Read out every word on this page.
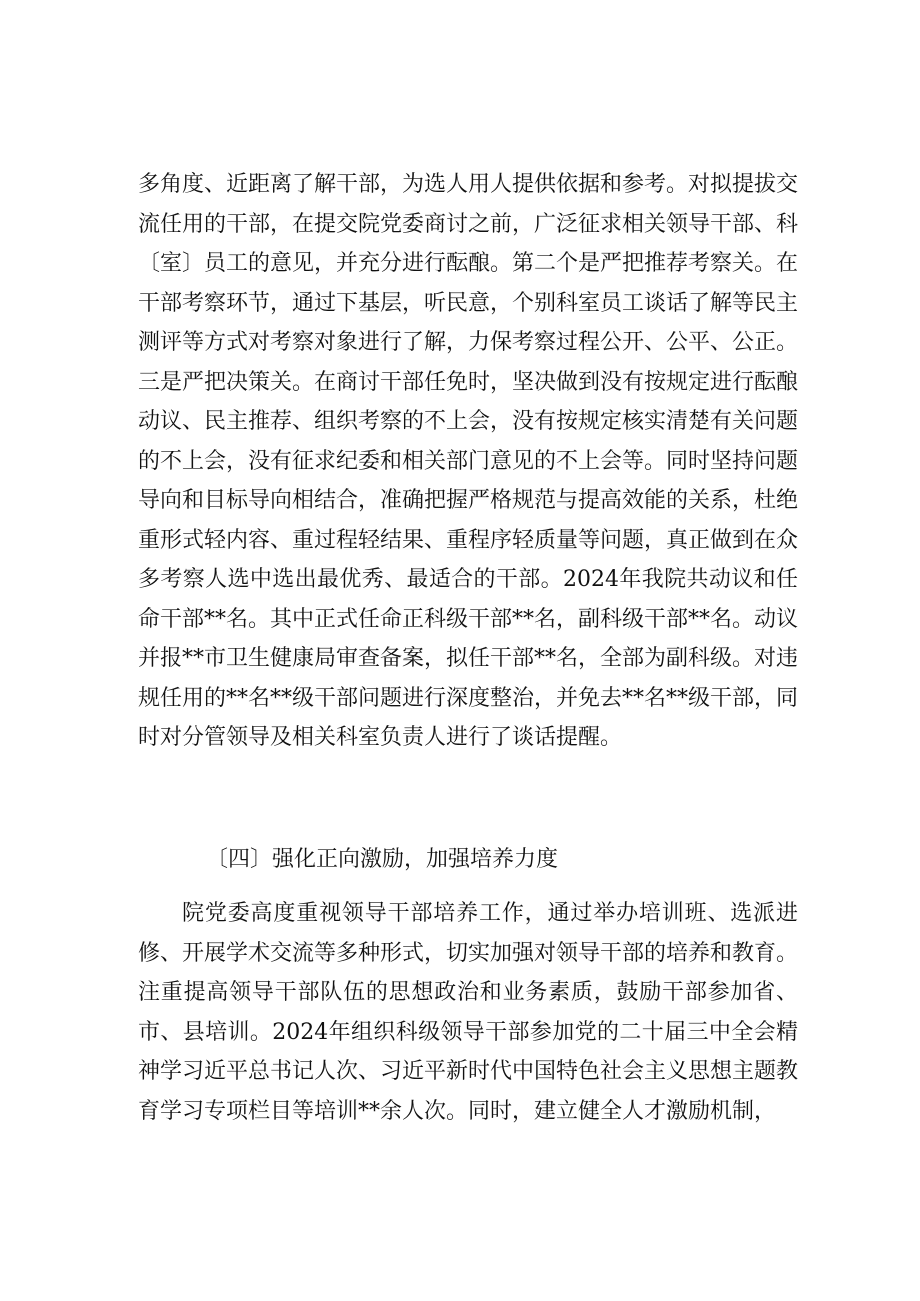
多角度、近距离了解干部，为选人用人提供依据和参考。对拟提拔交流任用的干部，在提交院党委商讨之前，广泛征求相关领导干部、科〔室〕员工的意见，并充分进行酝酿。第二个是严把推荐考察关。在干部考察环节，通过下基层，听民意，个别科室员工谈话了解等民主测评等方式对考察对象进行了解，力保考察过程公开、公平、公正。三是严把决策关。在商讨干部任免时，坚决做到没有按规定进行酝酿动议、民主推荐、组织考察的不上会，没有按规定核实清楚有关问题的不上会，没有征求纪委和相关部门意见的不上会等。同时坚持问题导向和目标导向相结合，准确把握严格规范与提高效能的关系，杜绝重形式轻内容、重过程轻结果、重程序轻质量等问题，真正做到在众多考察人选中选出最优秀、最适合的干部。2024年我院共动议和任命干部**名。其中正式任命正科级干部**名，副科级干部**名。动议并报**市卫生健康局审查备案，拟任干部**名，全部为副科级。对违规任用的**名**级干部问题进行深度整治，并免去**名**级干部，同时对分管领导及相关科室负责人进行了谈话提醒。

〔四〕强化正向激励，加强培养力度

院党委高度重视领导干部培养工作，通过举办培训班、选派进修、开展学术交流等多种形式，切实加强对领导干部的培养和教育。注重提高领导干部队伍的思想政治和业务素质，鼓励干部参加省、市、县培训。2024年组织科级领导干部参加党的二十届三中全会精神学习近平总书记人次、习近平新时代中国特色社会主义思想主题教育学习专项栏目等培训**余人次。同时，建立健全人才激励机制，
